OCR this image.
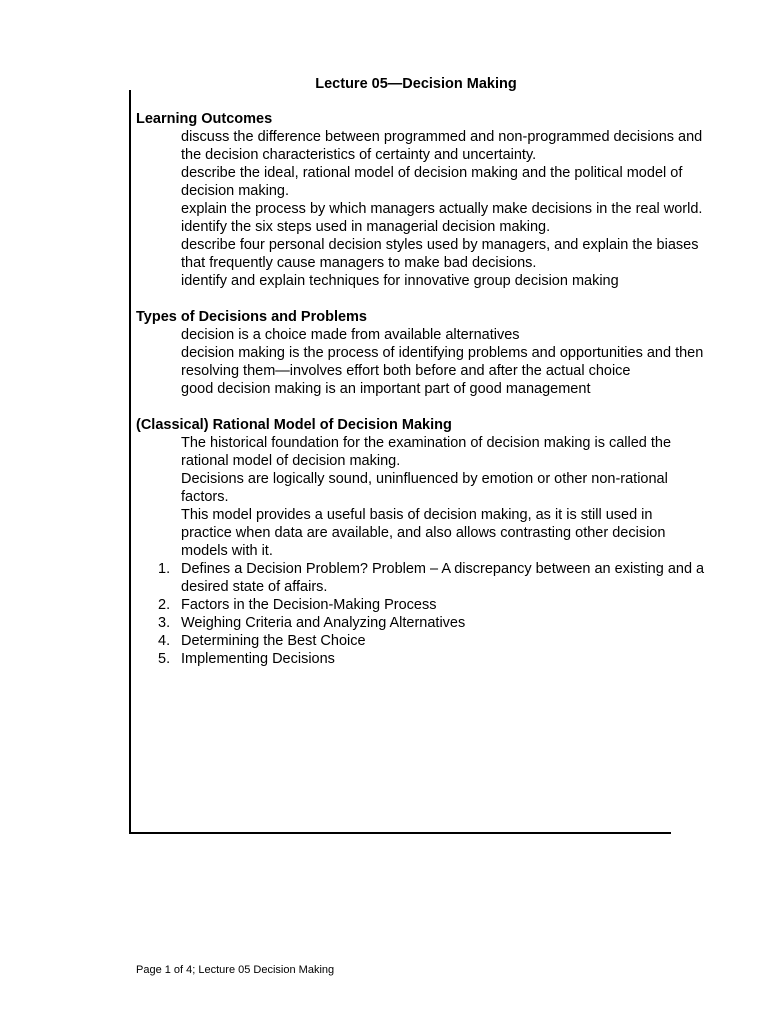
Lecture 05—Decision Making

Learning Outcomes

discuss the difference between programmed and non-programmed decisions and the decision characteristics of certainty and uncertainty.
describe the ideal, rational model of decision making and the political model of decision making.
explain the process by which managers actually make decisions in the real world.
identify the six steps used in managerial decision making.
describe four personal decision styles used by managers, and explain the biases that frequently cause managers to make bad decisions.
identify and explain techniques for innovative group decision making

Types of Decisions and Problems

decision is a choice made from available alternatives
decision making is the process of identifying problems and opportunities and then resolving them—involves effort both before and after the actual choice
good decision making is an important part of good management

(Classical) Rational Model of Decision Making

The historical foundation for the examination of decision making is called the rational model of decision making.
Decisions are logically sound, uninfluenced by emotion or other non-rational factors.
This model provides a useful basis of decision making, as it is still used in practice when data are available, and also allows contrasting other decision models with it.
1. Defines a Decision Problem? Problem – A discrepancy between an existing and a desired state of affairs.
2. Factors in the Decision-Making Process
3. Weighing Criteria and Analyzing Alternatives
4. Determining the Best Choice
5. Implementing Decisions
Page 1 of 4; Lecture 05 Decision Making
